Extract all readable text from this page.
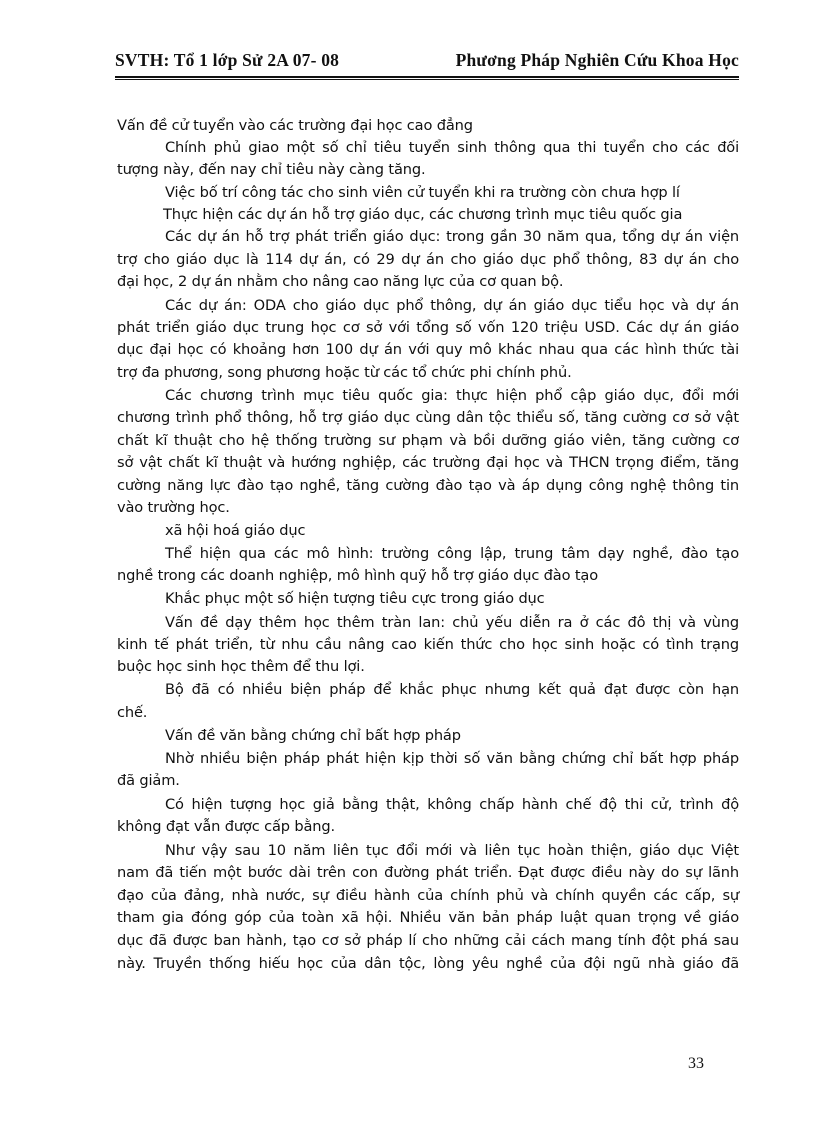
SVTH: Tổ 1 lớp Sử 2A 07- 08	Phương Pháp Nghiên Cứu Khoa Học
Vấn đề cử tuyển vào các trường đại học cao đẳng
Chính phủ giao một số chỉ tiêu tuyển sinh thông qua thi tuyển cho các đối
tượng này, đến nay chỉ tiêu này càng tăng.
Việc bố trí công tác cho sinh viên cử tuyển khi ra trường còn chưa hợp lí
Thực hiện các dự án hỗ trợ giáo dục, các chương trình mục tiêu quốc gia
Các dự án hỗ trợ phát triển giáo dục: trong gần 30 năm qua, tổng dự án viện
trợ cho giáo dục là 114 dự án, có 29 dự án cho giáo dục phổ thông, 83 dự án cho
đại học, 2 dự án nhằm cho nâng cao năng lực của cơ quan bộ.
Các dự án: ODA cho giáo dục phổ thông, dự án giáo dục tiểu học và dự án
phát triển giáo dục trung học cơ sở với tổng số vốn 120 triệu USD. Các dự án giáo
dục đại học có khoảng hơn 100 dự án với quy mô khác nhau qua các hình thức tài
trợ đa phương, song phương hoặc từ các tổ chức phi chính phủ.
Các chương trình mục tiêu quốc gia: thực hiện phổ cập giáo dục, đổi mới
chương trình phổ thông, hỗ trợ giáo dục cùng dân tộc thiểu số, tăng cường cơ sở vật
chất kĩ thuật cho hệ thống trường sư phạm và bồi dưỡng giáo viên, tăng cường cơ
sở vật chất kĩ thuật và hướng nghiệp, các trường đại học và THCN trọng điểm, tăng
cường năng lực đào tạo nghề, tăng cường đào tạo và áp dụng công nghệ thông tin
vào trường học.
xã hội hoá giáo dục
Thể hiện qua các mô hình: trường công lập, trung tâm dạy nghề, đào tạo
nghề trong các doanh nghiệp, mô hình quỹ hỗ trợ giáo dục đào tạo
Khắc phục một số hiện tượng tiêu cực trong giáo dục
Vấn đề dạy thêm học thêm tràn lan: chủ yếu diễn ra ở các đô thị và vùng
kinh tế phát triển, từ nhu cầu nâng cao kiến thức cho học sinh hoặc có tình trạng
buộc học sinh học thêm để thu lợi.
Bộ đã có nhiều biện pháp để khắc phục nhưng kết quả đạt được còn hạn
chế.
Vấn đề văn bằng chứng chỉ bất hợp pháp
Nhờ nhiều biện pháp phát hiện kịp thời số văn bằng chứng chỉ bất hợp pháp
đã giảm.
Có hiện tượng học giả bằng thật, không chấp hành chế độ thi cử, trình độ
không đạt vẫn được cấp bằng.
Như vậy sau 10 năm liên tục đổi mới và liên tục hoàn thiện, giáo dục Việt
nam đã tiến một bước dài trên con đường phát triển. Đạt được điều này do sự lãnh
đạo của đảng, nhà nước, sự điều hành của chính phủ và chính quyền các cấp, sự
tham gia đóng góp của toàn xã hội. Nhiều văn bản pháp luật quan trọng về giáo
dục đã được ban hành, tạo cơ sở pháp lí cho những cải cách mang tính đột phá sau
này. Truyền thống hiếu học của dân tộc, lòng yêu nghề của đội ngũ nhà giáo đã
33
